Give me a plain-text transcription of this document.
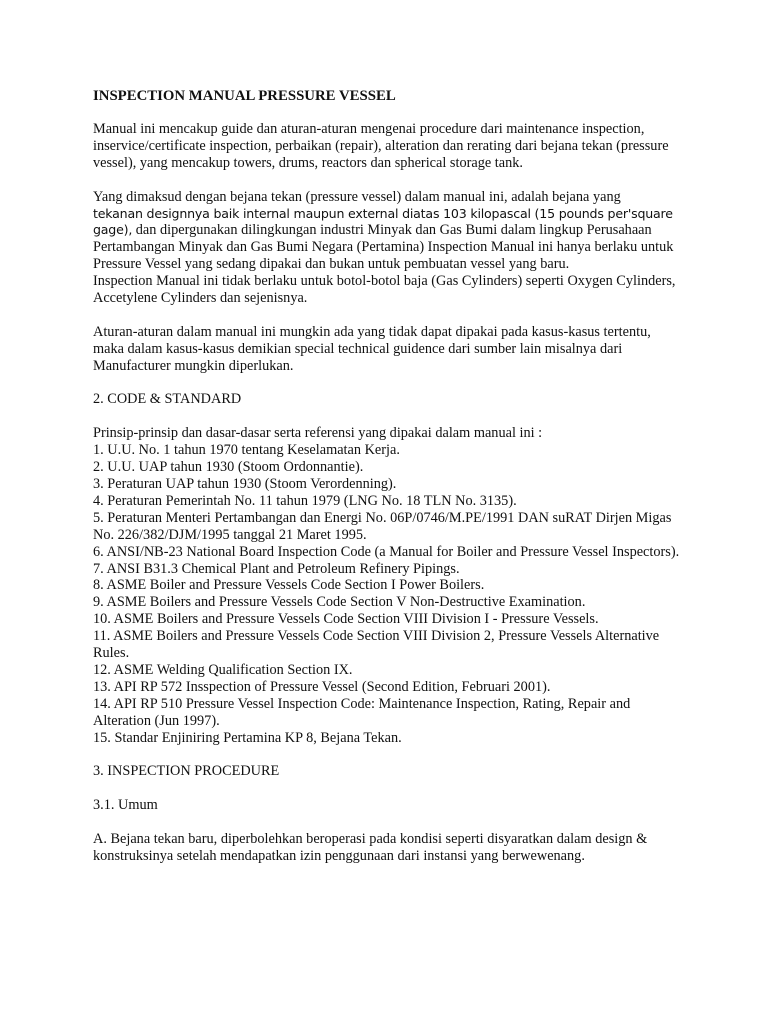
INSPECTION MANUAL PRESSURE VESSEL

Manual ini mencakup guide dan aturan-aturan mengenai procedure dari maintenance inspection, inservice/certificate inspection, perbaikan (repair), alteration dan rerating dari bejana tekan (pressure vessel), yang mencakup towers, drums, reactors dan spherical storage tank.

Yang dimaksud dengan bejana tekan (pressure vessel) dalam manual ini, adalah bejana yang
tekanan designnya baik internal maupun external diatas 103 kilopascal (15 pounds per'square gage), dan dipergunakan dilingkungan industri Minyak dan Gas Bumi dalam lingkup Perusahaan Pertambangan Minyak dan Gas Bumi Negara (Pertamina) Inspection Manual ini hanya berlaku untuk Pressure Vessel yang sedang dipakai dan bukan untuk pembuatan vessel yang baru.

Inspection Manual ini tidak berlaku untuk botol-botol baja (Gas Cylinders) seperti Oxygen Cylinders, Accetylene Cylinders dan sejenisnya.

Aturan-aturan dalam manual ini mungkin ada yang tidak dapat dipakai pada kasus-kasus tertentu, maka dalam kasus-kasus demikian special technical guidence dari sumber lain misalnya dari Manufacturer mungkin diperlukan.

2. CODE & STANDARD
Prinsip-prinsip dan dasar-dasar serta referensi yang dipakai dalam manual ini :
1. U.U. No. 1 tahun 1970 tentang Keselamatan Kerja.
2. U.U. UAP tahun 1930 (Stoom Ordonnantie).
3. Peraturan UAP tahun 1930 (Stoom Verordenning).
4. Peraturan Pemerintah No. 11 tahun 1979 (LNG No. 18 TLN No. 3135).
5. Peraturan Menteri Pertambangan dan Energi No. 06P/0746/M.PE/1991 DAN suRAT Dirjen Migas No. 226/382/DJM/1995 tanggal 21 Maret 1995.
6. ANSI/NB-23 National Board Inspection Code (a Manual for Boiler and Pressure Vessel Inspectors).
7. ANSI B31.3 Chemical Plant and Petroleum Refinery Pipings.
8. ASME Boiler and Pressure Vessels Code Section I Power Boilers.
9. ASME Boilers and Pressure Vessels Code Section V Non-Destructive Examination.
10. ASME Boilers and Pressure Vessels Code Section VIII Division I - Pressure Vessels.
11. ASME Boilers and Pressure Vessels Code Section VIII Division 2, Pressure Vessels Alternative Rules.
12. ASME Welding Qualification Section IX.
13. API RP 572 Insspection of Pressure Vessel (Second Edition, Februari 2001).
14. API RP 510 Pressure Vessel Inspection Code: Maintenance Inspection, Rating, Repair and Alteration (Jun 1997).
15. Standar Enjiniring Pertamina KP 8, Bejana Tekan.
3. INSPECTION PROCEDURE
3.1. Umum

A. Bejana tekan baru, diperbolehkan beroperasi pada kondisi seperti disyaratkan dalam design & konstruksinya setelah mendapatkan izin penggunaan dari instansi yang berwewenang.
